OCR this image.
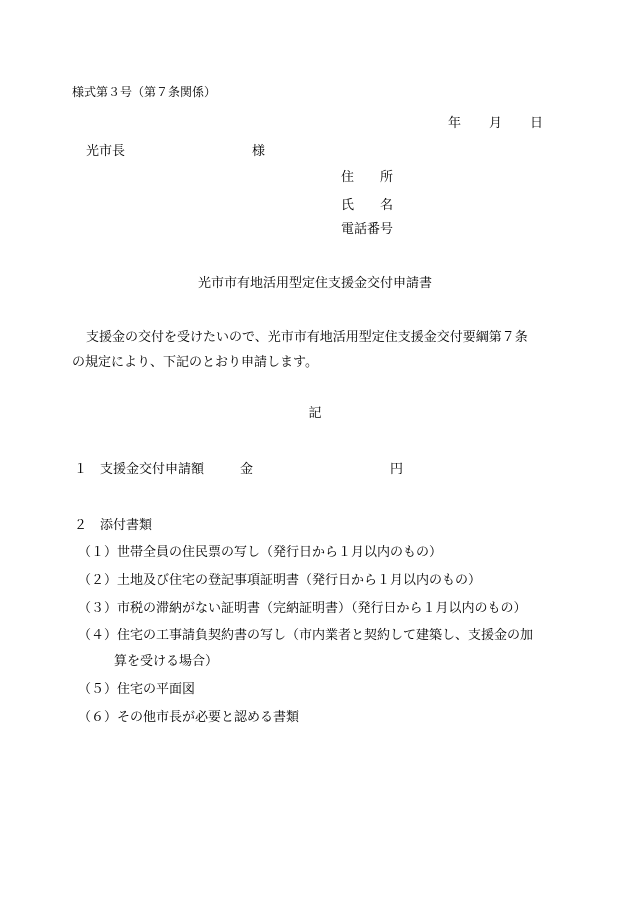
様式第３号（第７条関係）
年 月 日
光市長	様
住　　所
氏　　名
電話番号
光市市有地活用型定住支援金交付申請書
支援金の交付を受けたいので、光市市有地活用型定住支援金交付要綱第７条
の規定により、下記のとおり申請します。
記
１ 支援金交付申請額	金	円
２ 添付書類
（１）世帯全員の住民票の写し（発行日から１月以内のもの）
（２）土地及び住宅の登記事項証明書（発行日から１月以内のもの）
（３）市税の滞納がない証明書（完納証明書）（発行日から１月以内のもの）
（４）住宅の工事請負契約書の写し（市内業者と契約して建築し、支援金の加
算を受ける場合）
（５）住宅の平面図
（６）その他市長が必要と認める書類
